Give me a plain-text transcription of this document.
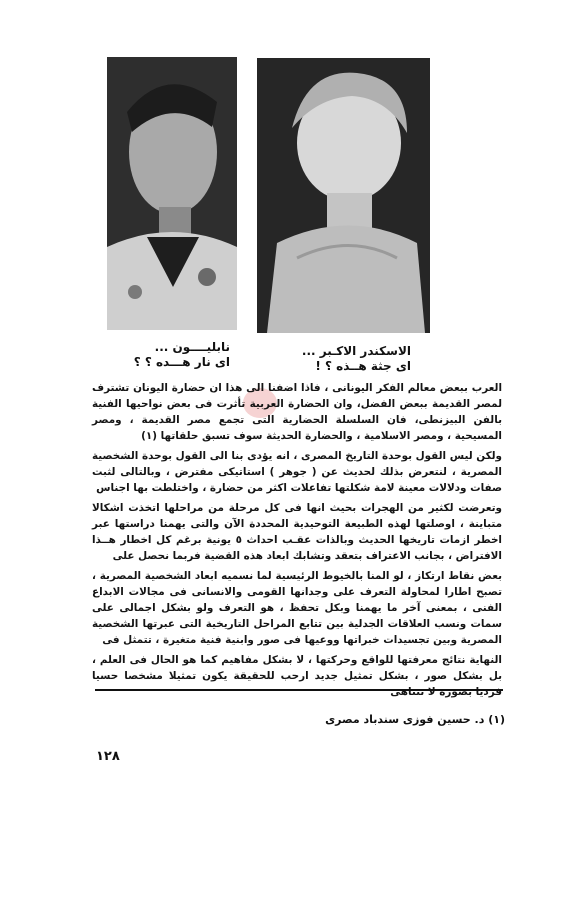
نابليــــون ...
اى نار هـــده ؟ ؟
الاسكندر الاكـبر ...
اى جثة هــذه ؟ !

العرب ببعض معالم الفكر اليونانى ، فاذا اضفنا الى هذا ان حضارة اليونان تشترف لمصر القديمة ببعض الفضل، وان الحضارة العربية تأثرت فى بعض نواحيها الفنية بالفن البيزنطى، فان السلسلة الحضارية التى تجمع مصر القديمة ، ومصر المسيحية ، ومصر الاسلامية ، والحضارة الحديثة سوف تسبق حلقاتها (١)

ولكن ليس القول بوحدة التاريخ المصرى ، انه يؤدى بنا الى القول بوحدة الشخصية المصرية ، لنتعرض بذلك لحديث عن ( جوهر ) استاتيكى مفترض ، وبالتالى لثبت صفات ودلالات معينة لامة شكلتها تفاعلات اكثر من حضارة ، واختلطت بها اجناس

وتعرضت لكثير من الهجرات بحيث انها فى كل مرحلة من مراحلها اتخذت اشكالا متباينة ، اوصلتها لهذه الطبيعة التوحيدية المحددة الآن والتى يهمنا دراستها عبر اخطر ازمات تاريخها الحديث وبالذات عقـب احداث ٥ يونية برغم كل اخطار هــذا الافتراض ، بجانب الاعتراف بتعقد وتشابك ابعاد هذه القضية فربما نحصل على

بعض نقاط ارتكاز ، لو المنا بالخيوط الرئيسية لما نسميه ابعاد الشخصية المصرية ، تصبح اطارا لمحاولة التعرف على وجدانها القومى والانسانى فى مجالات الابداع الفنى ، بمعنى آخر ما يهمنا وبكل تحفظ ، هو التعرف ولو بشكل اجمالى على سمات ونسب العلاقات الجدلية بين تتابع المراحل التاريخية التى عبرتها الشخصية المصرية وبين تجسيدات خبراتها ووعيها فى صور وابنية فنية متغيرة ، تتمثل فى

النهاية نتائج معرفتها للواقع وحركتها ، لا بشكل مفاهيم كما هو الحال فى العلم ، بل بشكل صور ، بشكل تمثيل جديد ارحب للحقيقة يكون تمثيلا مشخصا حسيا فرديا بصورة لا تتناهى

(١) د. حسين فوزى سندباد مصرى
١٢٨
